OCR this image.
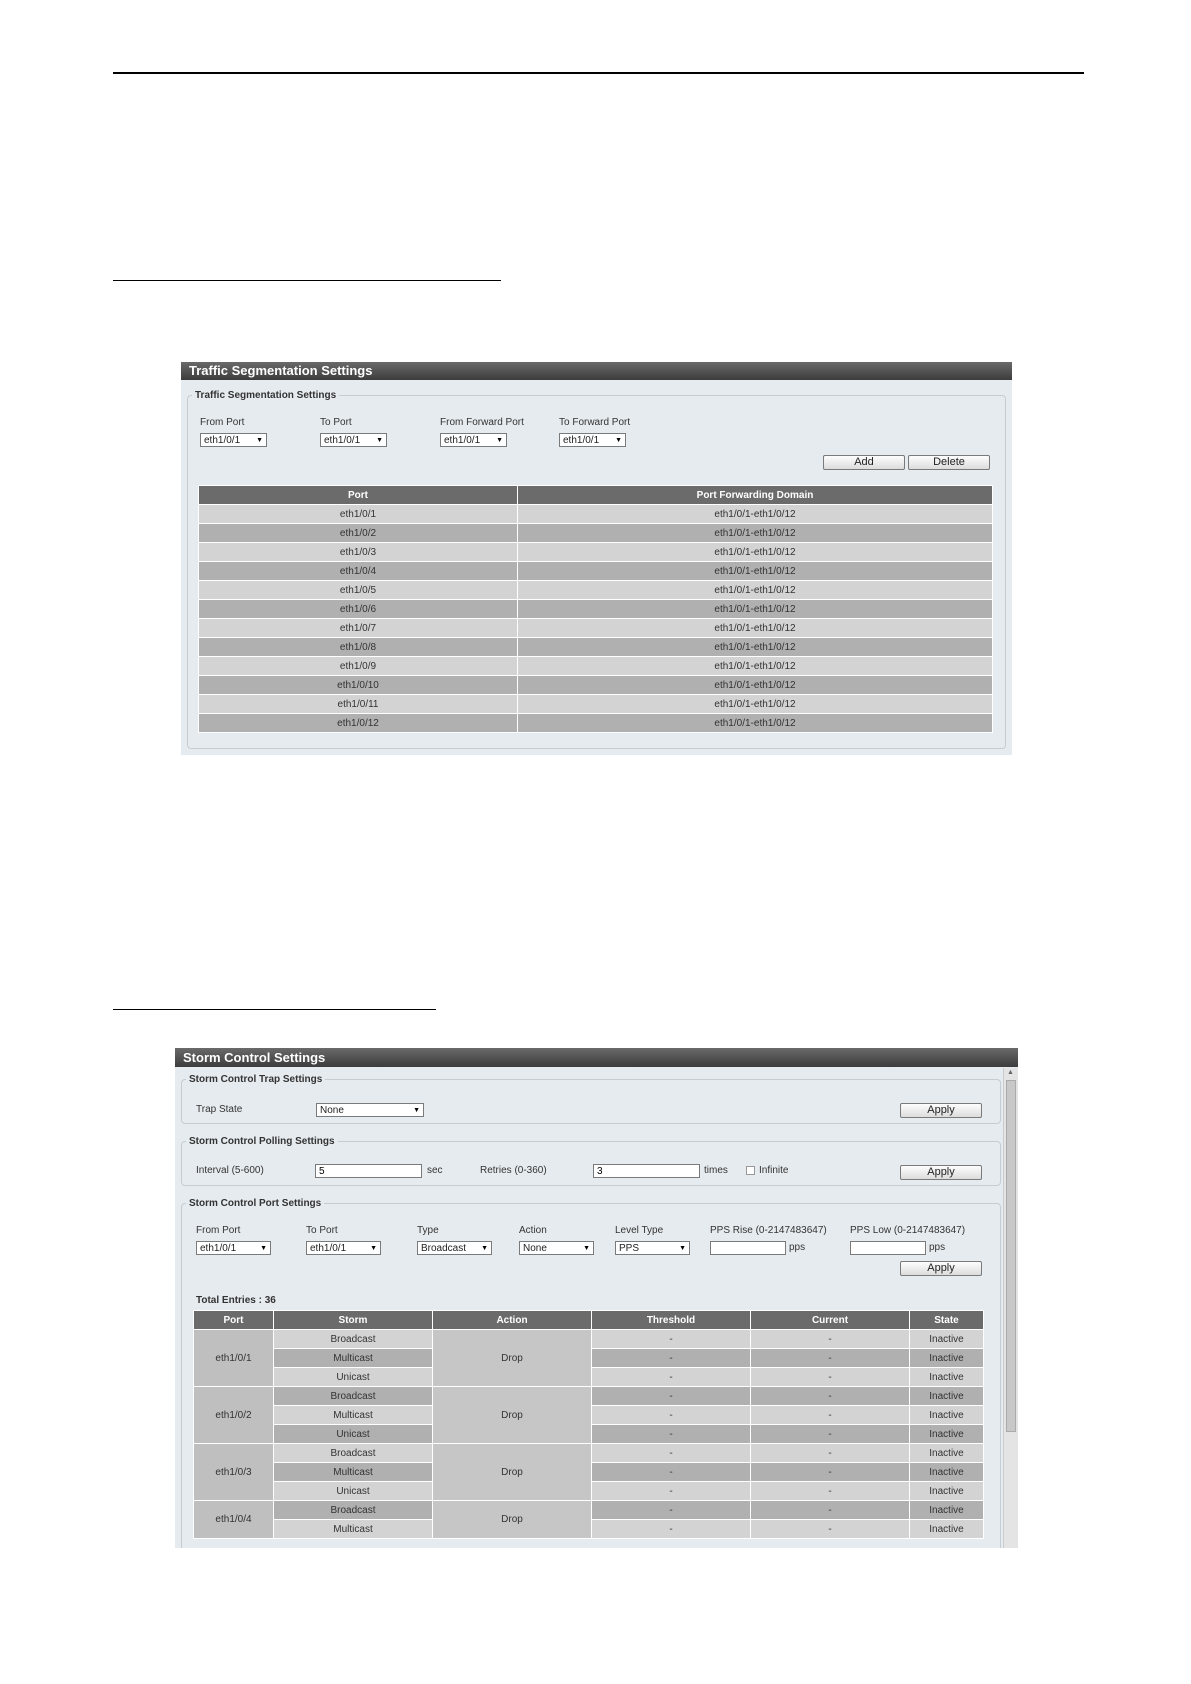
Traffic Segmentation Settings
Traffic Segmentation Settings
From Port
eth1/0/1 ▼
To Port
eth1/0/1 ▼
From Forward Port
eth1/0/1 ▼
To Forward Port
eth1/0/1 ▼
Add	Delete
Port	Port Forwarding Domain
eth1/0/1	eth1/0/1-eth1/0/12
eth1/0/2	eth1/0/1-eth1/0/12
eth1/0/3	eth1/0/1-eth1/0/12
eth1/0/4	eth1/0/1-eth1/0/12
eth1/0/5	eth1/0/1-eth1/0/12
eth1/0/6	eth1/0/1-eth1/0/12
eth1/0/7	eth1/0/1-eth1/0/12
eth1/0/8	eth1/0/1-eth1/0/12
eth1/0/9	eth1/0/1-eth1/0/12
eth1/0/10	eth1/0/1-eth1/0/12
eth1/0/11	eth1/0/1-eth1/0/12
eth1/0/12	eth1/0/1-eth1/0/12
Storm Control Settings
Storm Control Trap Settings
Trap State	None	▼	Apply
Storm Control Polling Settings
Interval (5-600)
5	sec	Retries (0-360)
3	times	Infinite	Apply
Storm Control Port Settings
From Port
eth1/0/1	▼
To Port
eth1/0/1	▼
Type
Broadcast ▼
Action
None	▼
Level Type
PPS	▼
PPS Rise (0-2147483647)
pps
PPS Low (0-2147483647)
pps
Apply
Total Entries : 36
Port	Storm	Action	Threshold	Current	State
eth1/0/1	Broadcast	Drop	-	-	Inactive
	Multicast		-	-	Inactive
	Unicast		-	-	Inactive
eth1/0/2	Broadcast	Drop	-	-	Inactive
	Multicast		-	-	Inactive
	Unicast		-	-	Inactive
eth1/0/3	Broadcast	Drop	-	-	Inactive
	Multicast		-	-	Inactive
	Unicast		-	-	Inactive
eth1/0/4	Broadcast	Drop	-	-	Inactive
	Multicast		-	-	Inactive
▲
